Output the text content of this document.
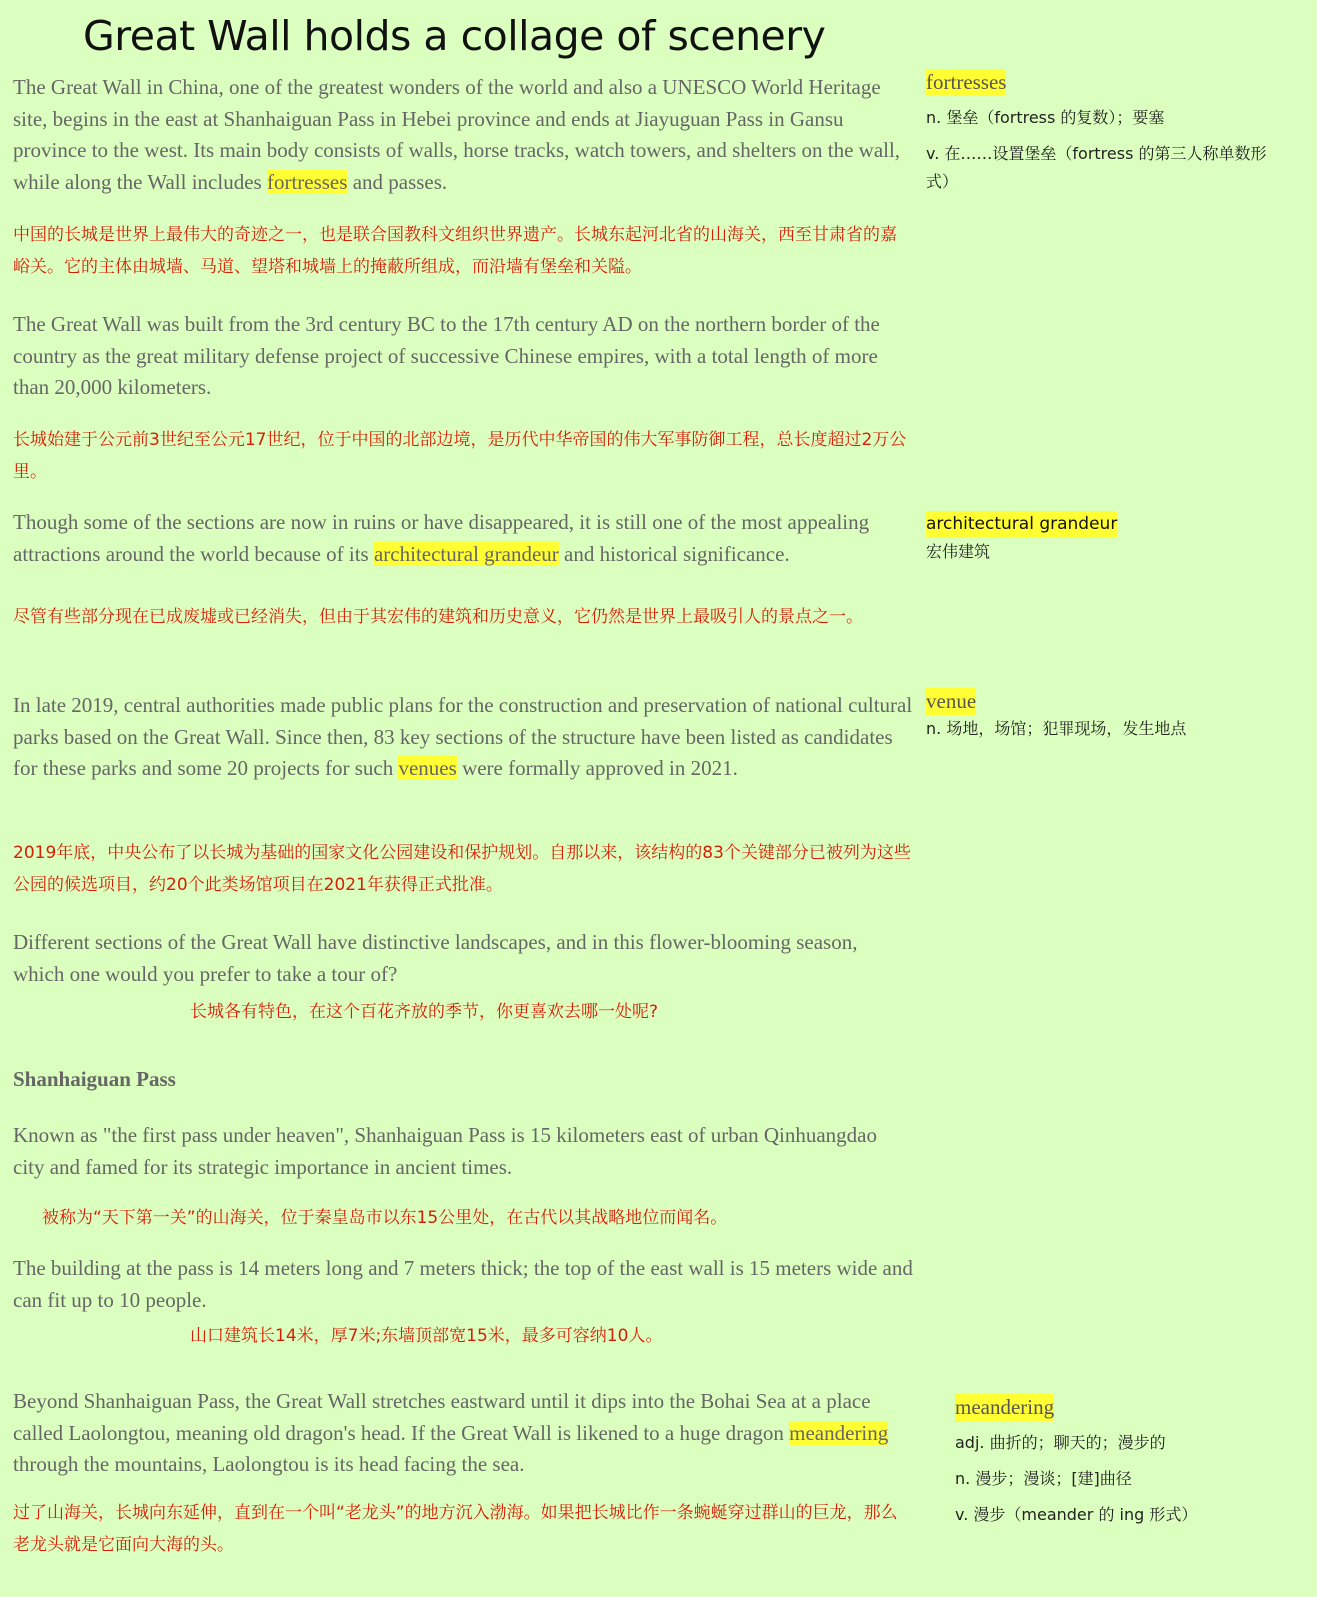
Great Wall holds a collage of scenery
The Great Wall in China, one of the greatest wonders of the world and also a UNESCO World Heritage site, begins in the east at Shanhaiguan Pass in Hebei province and ends at Jiayuguan Pass in Gansu province to the west. Its main body consists of walls, horse tracks, watch towers, and shelters on the wall, while along the Wall includes fortresses and passes.
中国的长城是世界上最伟大的奇迹之一，也是联合国教科文组织世界遗产。长城东起河北省的山海关，西至甘肃省的嘉峪关。它的主体由城墙、马道、望塔和城墙上的掩蔽所组成，而沿墙有堡垒和关隘。
The Great Wall was built from the 3rd century BC to the 17th century AD on the northern border of the country as the great military defense project of successive Chinese empires, with a total length of more than 20,000 kilometers.
长城始建于公元前3世纪至公元17世纪，位于中国的北部边境，是历代中华帝国的伟大军事防御工程，总长度超过2万公里。
Though some of the sections are now in ruins or have disappeared, it is still one of the most appealing attractions around the world because of its architectural grandeur and historical significance.
尽管有些部分现在已成废墟或已经消失，但由于其宏伟的建筑和历史意义，它仍然是世界上最吸引人的景点之一。
In late 2019, central authorities made public plans for the construction and preservation of national cultural parks based on the Great Wall. Since then, 83 key sections of the structure have been listed as candidates for these parks and some 20 projects for such venues were formally approved in 2021.
2019年底，中央公布了以长城为基础的国家文化公园建设和保护规划。自那以来，该结构的83个关键部分已被列为这些公园的候选项目，约20个此类场馆项目在2021年获得正式批准。
Different sections of the Great Wall have distinctive landscapes, and in this flower-blooming season, which one would you prefer to take a tour of?
长城各有特色，在这个百花齐放的季节，你更喜欢去哪一处呢?
Shanhaiguan Pass
Known as "the first pass under heaven", Shanhaiguan Pass is 15 kilometers east of urban Qinhuangdao city and famed for its strategic importance in ancient times.
被称为“天下第一关”的山海关，位于秦皇岛市以东15公里处，在古代以其战略地位而闻名。
The building at the pass is 14 meters long and 7 meters thick; the top of the east wall is 15 meters wide and can fit up to 10 people.
山口建筑长14米，厚7米;东墙顶部宽15米，最多可容纳10人。
Beyond Shanhaiguan Pass, the Great Wall stretches eastward until it dips into the Bohai Sea at a place called Laolongtou, meaning old dragon's head. If the Great Wall is likened to a huge dragon meandering through the mountains, Laolongtou is its head facing the sea.
过了山海关，长城向东延伸，直到在一个叫“老龙头”的地方沉入渤海。如果把长城比作一条蜿蜒穿过群山的巨龙，那么老龙头就是它面向大海的头。
fortresses
n. 堡垒（fortress 的复数）；要塞
v. 在……设置堡垒（fortress 的第三人称单数形式）
architectural grandeur
宏伟建筑
venue
n. 场地，场馆；犯罪现场，发生地点
meandering
adj. 曲折的；聊天的；漫步的
n. 漫步；漫谈；[建]曲径
v. 漫步（meander 的 ing 形式）
